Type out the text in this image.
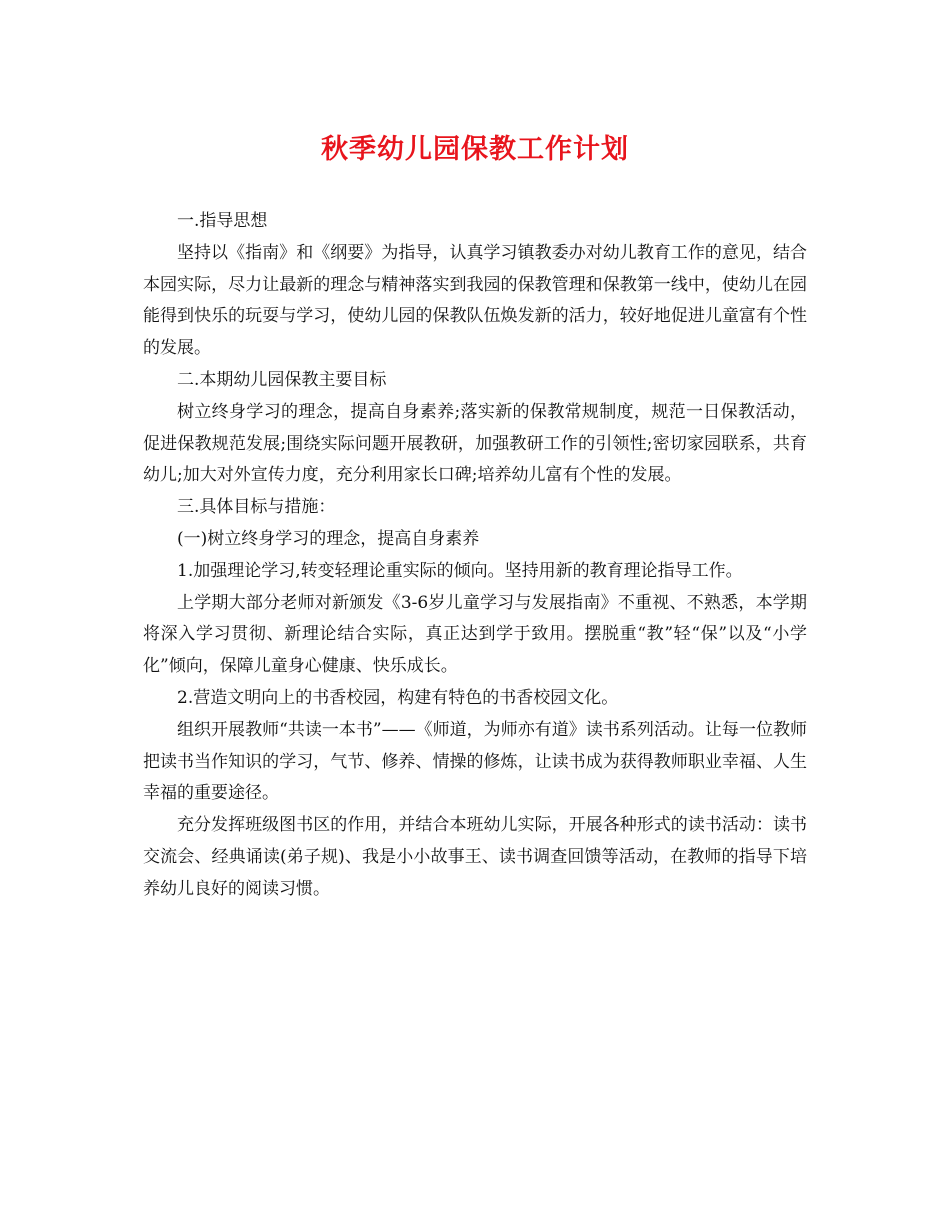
秋季幼儿园保教工作计划

一.指导思想

坚持以《指南》和《纲要》为指导，认真学习镇教委办对幼儿教育工作的意见，结合本园实际，尽力让最新的理念与精神落实到我园的保教管理和保教第一线中，使幼儿在园能得到快乐的玩耍与学习，使幼儿园的保教队伍焕发新的活力，较好地促进儿童富有个性的发展。

二.本期幼儿园保教主要目标

树立终身学习的理念，提高自身素养;落实新的保教常规制度，规范一日保教活动，促进保教规范发展;围绕实际问题开展教研，加强教研工作的引领性;密切家园联系，共育幼儿;加大对外宣传力度，充分利用家长口碑;培养幼儿富有个性的发展。

三.具体目标与措施：

(一)树立终身学习的理念，提高自身素养

1.加强理论学习,转变轻理论重实际的倾向。坚持用新的教育理论指导工作。

上学期大部分老师对新颁发《3-6岁儿童学习与发展指南》不重视、不熟悉，本学期将深入学习贯彻、新理论结合实际，真正达到学于致用。摆脱重“教”轻“保”以及“小学化”倾向，保障儿童身心健康、快乐成长。

2.营造文明向上的书香校园，构建有特色的书香校园文化。

组织开展教师“共读一本书”——《师道，为师亦有道》读书系列活动。让每一位教师把读书当作知识的学习，气节、修养、情操的修炼，让读书成为获得教师职业幸福、人生幸福的重要途径。

充分发挥班级图书区的作用，并结合本班幼儿实际，开展各种形式的读书活动：读书交流会、经典诵读(弟子规)、我是小小故事王、读书调查回馈等活动，在教师的指导下培养幼儿良好的阅读习惯。
